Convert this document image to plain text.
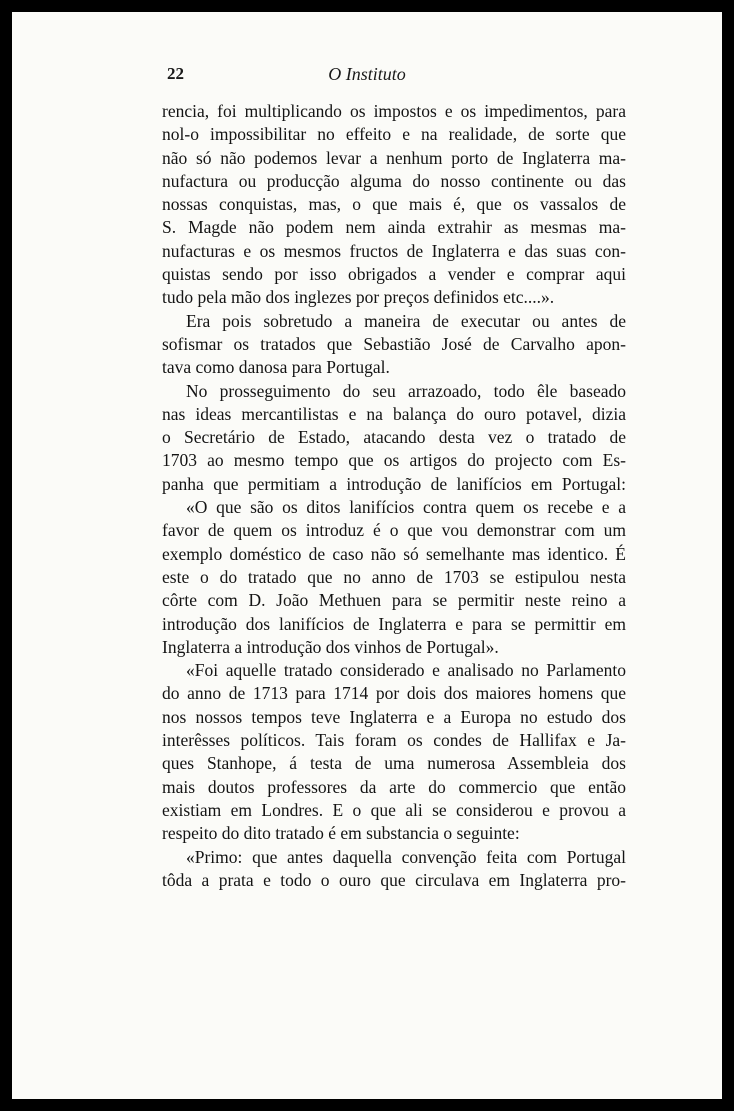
22	O Instituto
rencia, foi multiplicando os impostos e os impedimentos, para
nol-o impossibilitar no effeito e na realidade, de sorte que
não só não podemos levar a nenhum porto de Inglaterra ma-
nufactura ou producção alguma do nosso continente ou das
nossas conquistas, mas, o que mais é, que os vassalos de
S. Magde não podem nem ainda extrahir as mesmas ma-
nufacturas e os mesmos fructos de Inglaterra e das suas con-
quistas sendo por isso obrigados a vender e comprar aqui
tudo pela mão dos inglezes por preços definidos etc....».
Era pois sobretudo a maneira de executar ou antes de
sofismar os tratados que Sebastião José de Carvalho apon-
tava como danosa para Portugal.
No prosseguimento do seu arrazoado, todo êle baseado
nas ideas mercantilistas e na balança do ouro potavel, dizia
o Secretário de Estado, atacando desta vez o tratado de
1703 ao mesmo tempo que os artigos do projecto com Es-
panha que permitiam a introdução de lanifícios em Portugal:
«O que são os ditos lanifícios contra quem os recebe e a
favor de quem os introduz é o que vou demonstrar com um
exemplo doméstico de caso não só semelhante mas identico. É
este o do tratado que no anno de 1703 se estipulou nesta
côrte com D. João Methuen para se permitir neste reino a
introdução dos lanifícios de Inglaterra e para se permittir em
Inglaterra a introdução dos vinhos de Portugal».
«Foi aquelle tratado considerado e analisado no Parlamento
do anno de 1713 para 1714 por dois dos maiores homens que
nos nossos tempos teve Inglaterra e a Europa no estudo dos
interêsses políticos. Tais foram os condes de Hallifax e Ja-
ques Stanhope, á testa de uma numerosa Assembleia dos
mais doutos professores da arte do commercio que então
existiam em Londres. E o que ali se considerou e provou a
respeito do dito tratado é em substancia o seguinte:
«Primo: que antes daquella convenção feita com Portugal
tôda a prata e todo o ouro que circulava em Inglaterra pro-
